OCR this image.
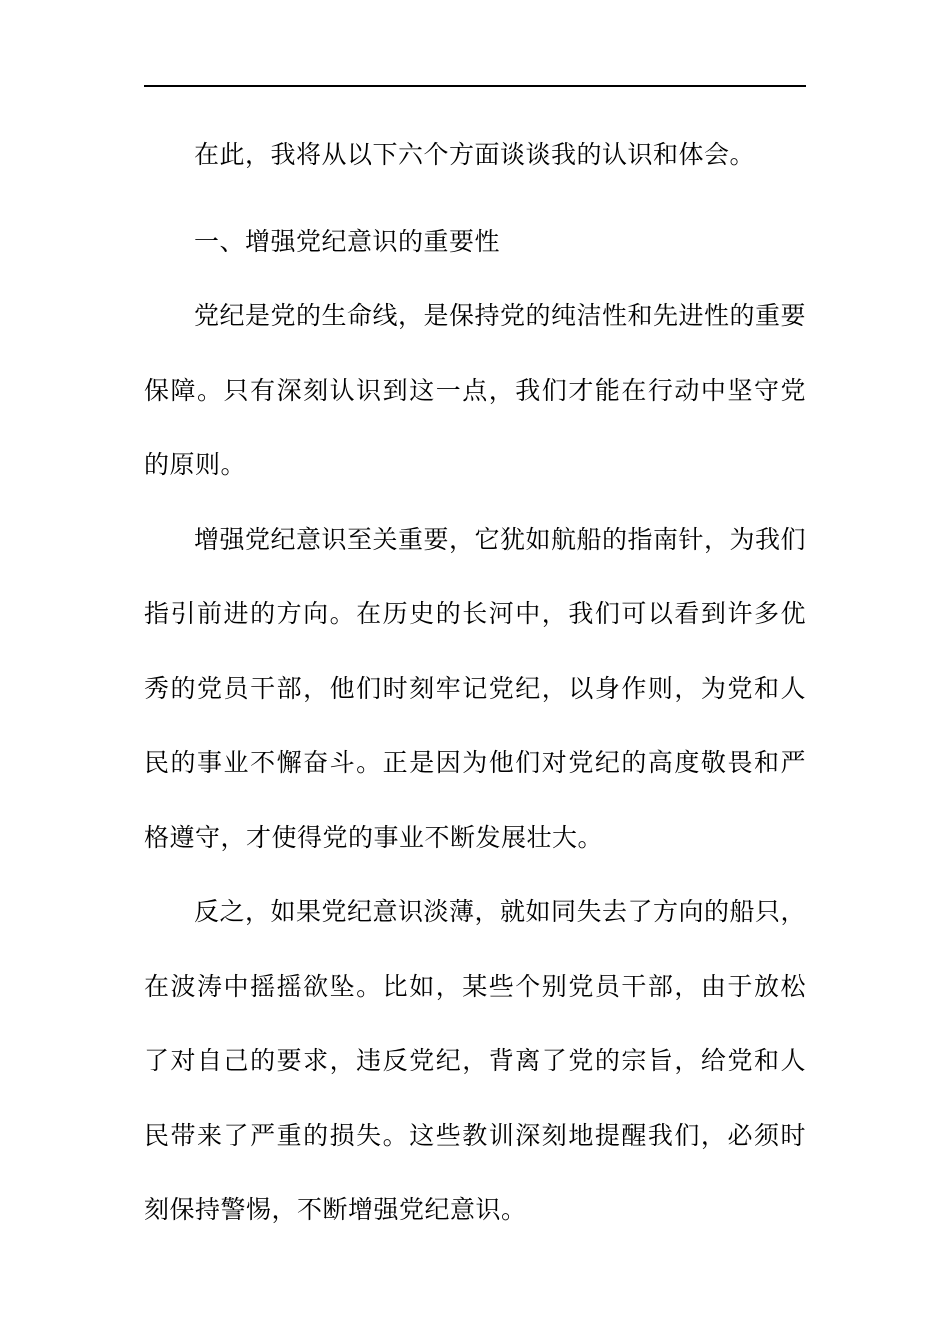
在此，我将从以下六个方面谈谈我的认识和体会。

一、增强党纪意识的重要性

党纪是党的生命线，是保持党的纯洁性和先进性的重要保障。只有深刻认识到这一点，我们才能在行动中坚守党的原则。

增强党纪意识至关重要，它犹如航船的指南针，为我们指引前进的方向。在历史的长河中，我们可以看到许多优秀的党员干部，他们时刻牢记党纪，以身作则，为党和人民的事业不懈奋斗。正是因为他们对党纪的高度敬畏和严格遵守，才使得党的事业不断发展壮大。

反之，如果党纪意识淡薄，就如同失去了方向的船只，在波涛中摇摇欲坠。比如，某些个别党员干部，由于放松了对自己的要求，违反党纪，背离了党的宗旨，给党和人民带来了严重的损失。这些教训深刻地提醒我们，必须时刻保持警惕，不断增强党纪意识。
